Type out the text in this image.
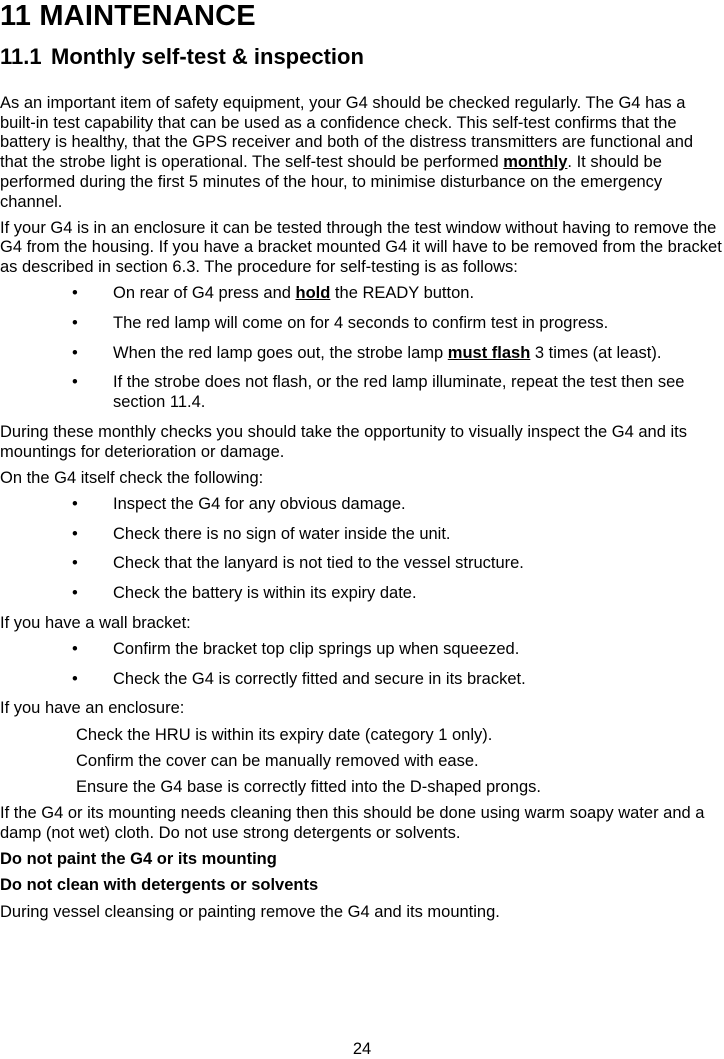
11 MAINTENANCE
11.1 Monthly self-test & inspection

As an important item of safety equipment, your G4 should be checked regularly. The G4 has a built-in test capability that can be used as a confidence check. This self-test confirms that the battery is healthy, that the GPS receiver and both of the distress transmitters are functional and that the strobe light is operational. The self-test should be performed monthly. It should be performed during the first 5 minutes of the hour, to minimise disturbance on the emergency channel.

If your G4 is in an enclosure it can be tested through the test window without having to remove the G4 from the housing. If you have a bracket mounted G4 it will have to be removed from the bracket as described in section 6.3. The procedure for self-testing is as follows:

• On rear of G4 press and hold the READY button.
• The red lamp will come on for 4 seconds to confirm test in progress.
• When the red lamp goes out, the strobe lamp must flash 3 times (at least).
• If the strobe does not flash, or the red lamp illuminate, repeat the test then see section 11.4.

During these monthly checks you should take the opportunity to visually inspect the G4 and its mountings for deterioration or damage.

On the G4 itself check the following:

• Inspect the G4 for any obvious damage.
• Check there is no sign of water inside the unit.
• Check that the lanyard is not tied to the vessel structure.
• Check the battery is within its expiry date.

If you have a wall bracket:

• Confirm the bracket top clip springs up when squeezed.
• Check the G4 is correctly fitted and secure in its bracket.

If you have an enclosure:

Check the HRU is within its expiry date (category 1 only).

Confirm the cover can be manually removed with ease.

Ensure the G4 base is correctly fitted into the D-shaped prongs.

If the G4 or its mounting needs cleaning then this should be done using warm soapy water and a damp (not wet) cloth. Do not use strong detergents or solvents.

Do not paint the G4 or its mounting

Do not clean with detergents or solvents

During vessel cleansing or painting remove the G4 and its mounting.

24
